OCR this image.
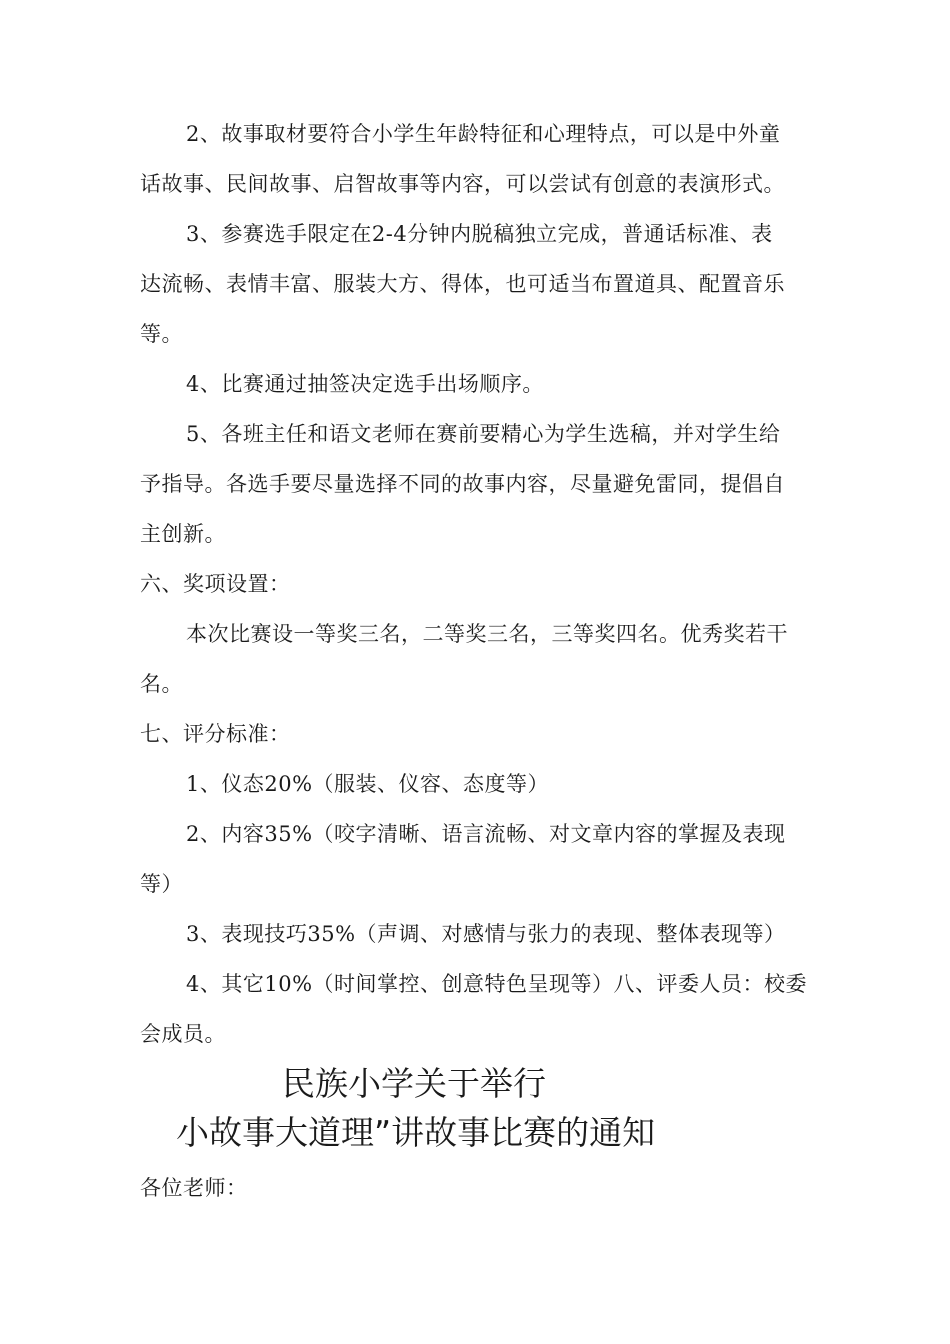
2、故事取材要符合小学生年龄特征和心理特点，可以是中外童
话故事、民间故事、启智故事等内容，可以尝试有创意的表演形式。
3、参赛选手限定在2-4分钟内脱稿独立完成，普通话标准、表
达流畅、表情丰富、服装大方、得体，也可适当布置道具、配置音乐
等。
4、比赛通过抽签决定选手出场顺序。
5、各班主任和语文老师在赛前要精心为学生选稿，并对学生给
予指导。各选手要尽量选择不同的故事内容，尽量避免雷同，提倡自
主创新。
六、奖项设置：
本次比赛设一等奖三名，二等奖三名，三等奖四名。优秀奖若干
名。
七、评分标准：
1、仪态20%（服装、仪容、态度等）
2、内容35%（咬字清晰、语言流畅、对文章内容的掌握及表现
等）
3、表现技巧35%（声调、对感情与张力的表现、整体表现等）
4、其它10%（时间掌控、创意特色呈现等）八、评委人员：校委
会成员。
民族小学关于举行
小故事大道理”讲故事比赛的通知
各位老师：
